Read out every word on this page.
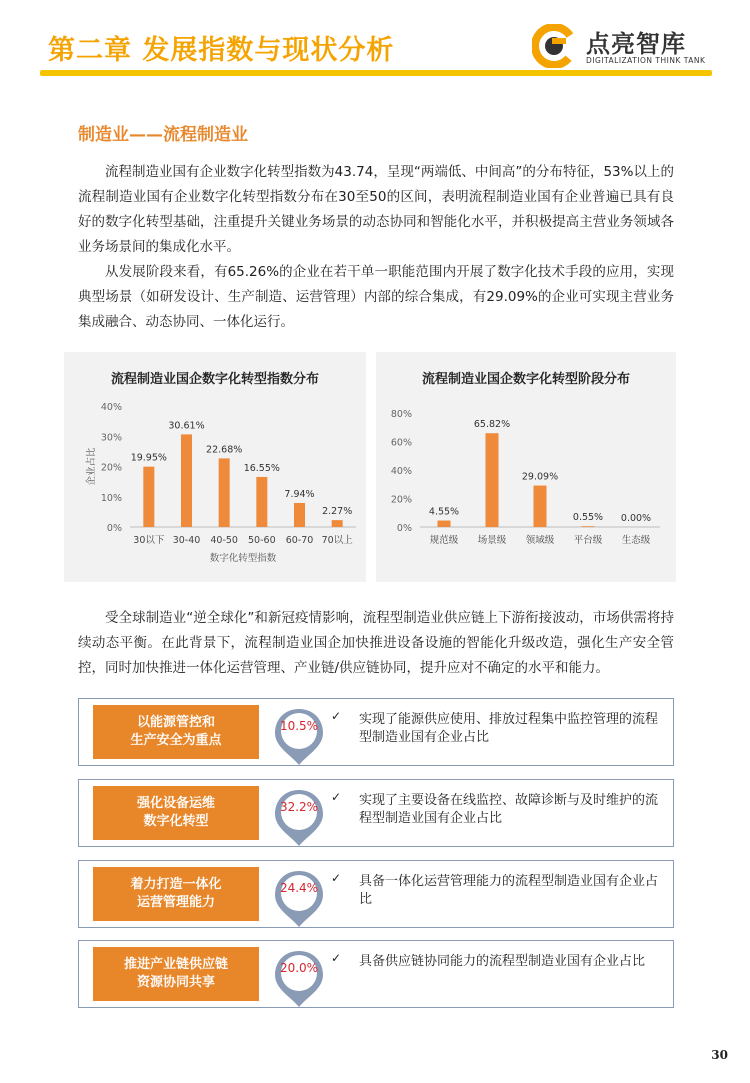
第二章 发展指数与现状分析	点亮智库
DIGITALIZATION THINK TANK
制造业——流程制造业
流程制造业国有企业数字化转型指数为43.74，呈现“两端低、中间高”的分布特征，53%以上的流程制造业国有企业数字化转型指数分布在30至50的区间，表明流程制造业国有企业普遍已具有良好的数字化转型基础，注重提升关键业务场景的动态协同和智能化水平，并积极提高主营业务领域各业务场景间的集成化水平。
从发展阶段来看，有65.26%的企业在若干单一职能范围内开展了数字化技术手段的应用，实现典型场景（如研发设计、生产制造、运营管理）内部的综合集成，有29.09%的企业可实现主营业务集成融合、动态协同、一体化运行。
流程制造业国企数字化转型指数分布
0%
10%
20%
30%
40%
19.95%
30以下
30.61%
30-40
22.68%
40-50
16.55%
50-60
7.94%
60-70
2.27%
70以上
数字化转型指数
企业占比
流程制造业国企数字化转型阶段分布
0%
20%
40%
60%
80%
4.55%
规范级
65.82%
场景级
29.09%
领域级
0.55%
平台级
0.00%
生态级
受全球制造业“逆全球化”和新冠疫情影响，流程型制造业供应链上下游衔接波动，市场供需将持续动态平衡。在此背景下，流程制造业国企加快推进设备设施的智能化升级改造，强化生产安全管控，同时加快推进一体化运营管理、产业链/供应链协同，提升应对不确定的水平和能力。
以能源管控和
生产安全为重点
10.5%
✓ 实现了能源供应使用、排放过程集中监控管理的流程型制造业国有企业占比
强化设备运维
数字化转型
32.2%
✓ 实现了主要设备在线监控、故障诊断与及时维护的流程型制造业国有企业占比
着力打造一体化
运营管理能力
24.4%
✓ 具备一体化运营管理能力的流程型制造业国有企业占比
推进产业链供应链
资源协同共享
20.0%
✓ 具备供应链协同能力的流程型制造业国有企业占比
30
